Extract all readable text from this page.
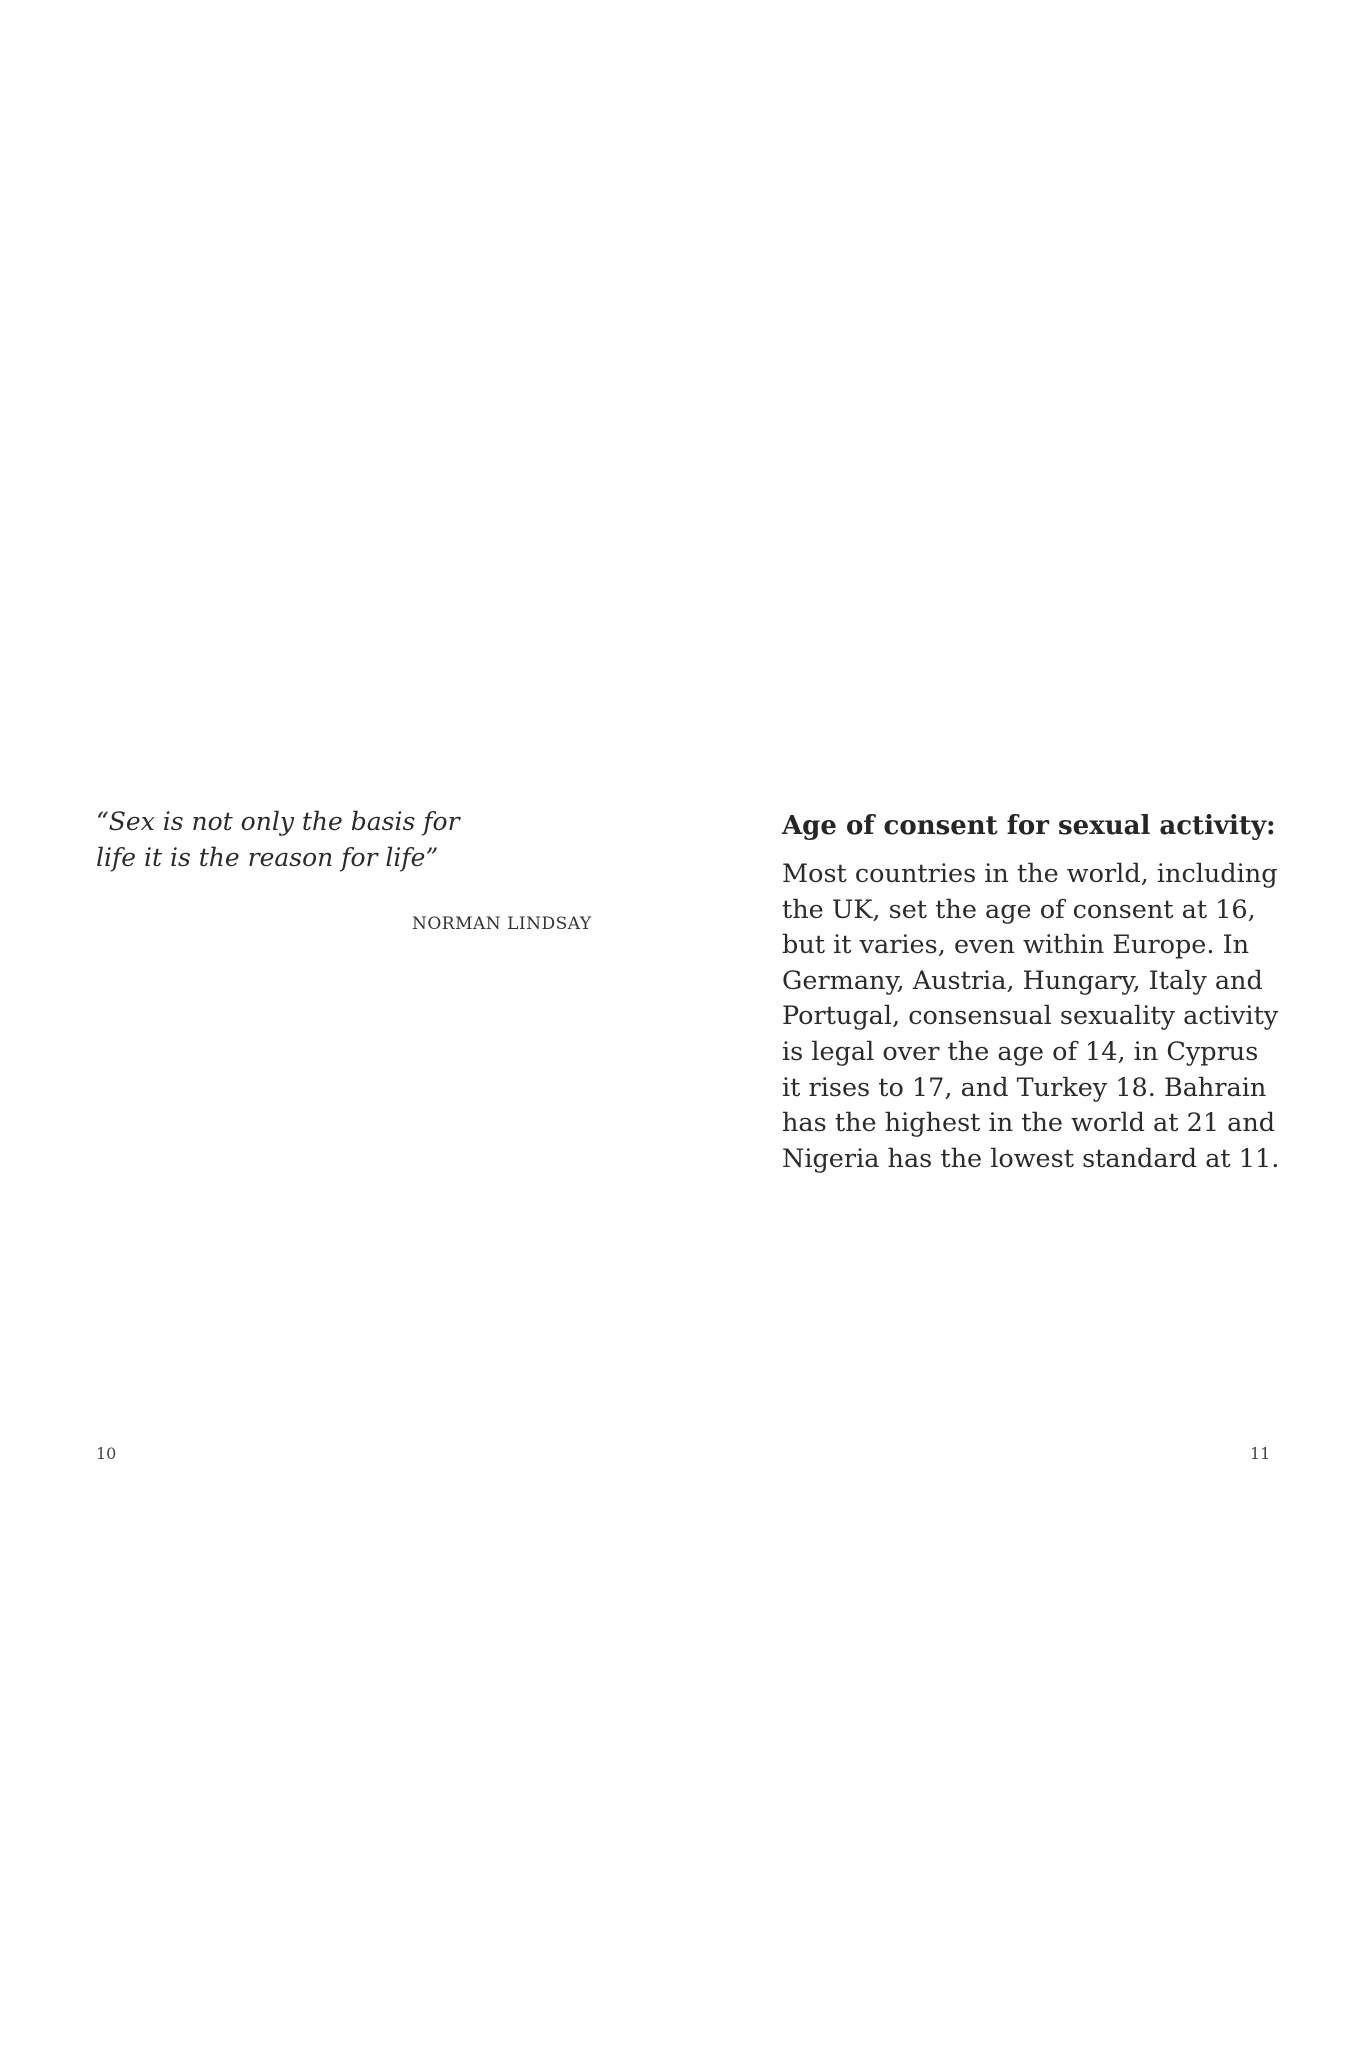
“Sex is not only the basis for
life it is the reason for life”

NORMAN LINDSAY
10
Age of consent for sexual activity:

Most countries in the world, including
the UK, set the age of consent at 16,
but it varies, even within Europe. In
Germany, Austria, Hungary, Italy and
Portugal, consensual sexuality activity
is legal over the age of 14, in Cyprus
it rises to 17, and Turkey 18. Bahrain
has the highest in the world at 21 and
Nigeria has the lowest standard at 11.

11
